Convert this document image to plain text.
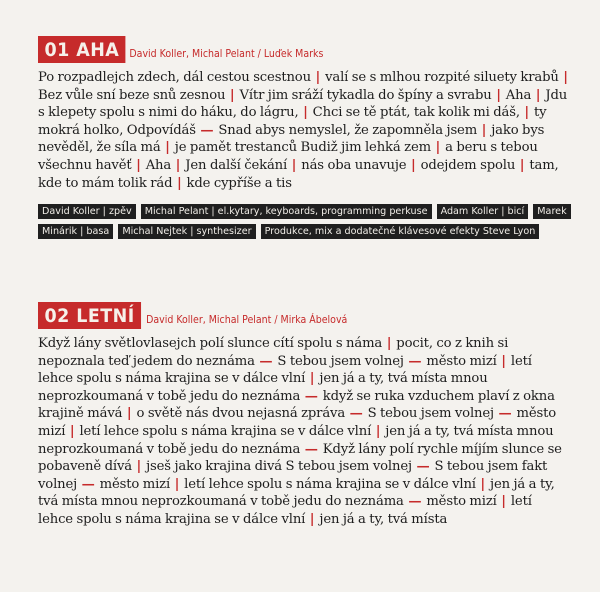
01 AHA David Koller, Michal Pelant / Luďek Marks
Po rozpadlejch zdech, dál cestou scestnou | valí se s mlhou rozpité siluety krabů | Bez vůle sní beze snů zesnou | Vítr jim sráží tykadla do špíny a svrabu | Aha | Jdu s klepety spolu s nimi do háku, do lágru, | Chci se tě ptát, tak kolik mi dáš, | ty mokrá holko, Odpovídáš — Snad abys nemyslel, že zapomněla jsem | jako bys nevěděl, že síla má | je pamět trestanců Budiž jim lehká zem | a beru s tebou všechnu havěť | Aha | Jen další čekání | nás oba unavuje | odejdem spolu | tam, kde to mám tolik rád | kde cypříše a tis
David Koller | zpěv Michal Pelant | el.kytary, keyboards, programming perkuse Adam Koller | bicí Marek Minárik | basa Michal Nejtek | synthesizer Produkce, mix a dodatečné klávesové efekty Steve Lyon
02 LETNÍ	David Koller, Michal Pelant / Mirka Ábelová
Když lány světlovlasejch polí slunce cítí spolu s náma | pocit, co z knih si nepoznala teď jedem do neznáma — S tebou jsem volnej — město mizí | letí lehce spolu s náma krajina se v dálce vlní | jen já a ty, tvá místa mnou neprozkoumaná v tobě jedu do neznáma — když se ruka vzduchem plaví z okna krajině mává | o světě nás dvou nejasná zpráva — S tebou jsem volnej — město mizí | letí lehce spolu s náma krajina se v dálce vlní | jen já a ty, tvá místa mnou neprozkoumaná v tobě jedu do neznáma — Když lány polí rychle míjím slunce se pobaveně dívá | jseš jako krajina divá S tebou jsem volnej — S tebou jsem fakt volnej — město mizí | letí lehce spolu s náma krajina se v dálce vlní | jen já a ty, tvá místa mnou neprozkoumaná v tobě jedu do neznáma — město mizí | letí lehce spolu s náma krajina se v dálce vlní | jen já a ty, tvá místa
